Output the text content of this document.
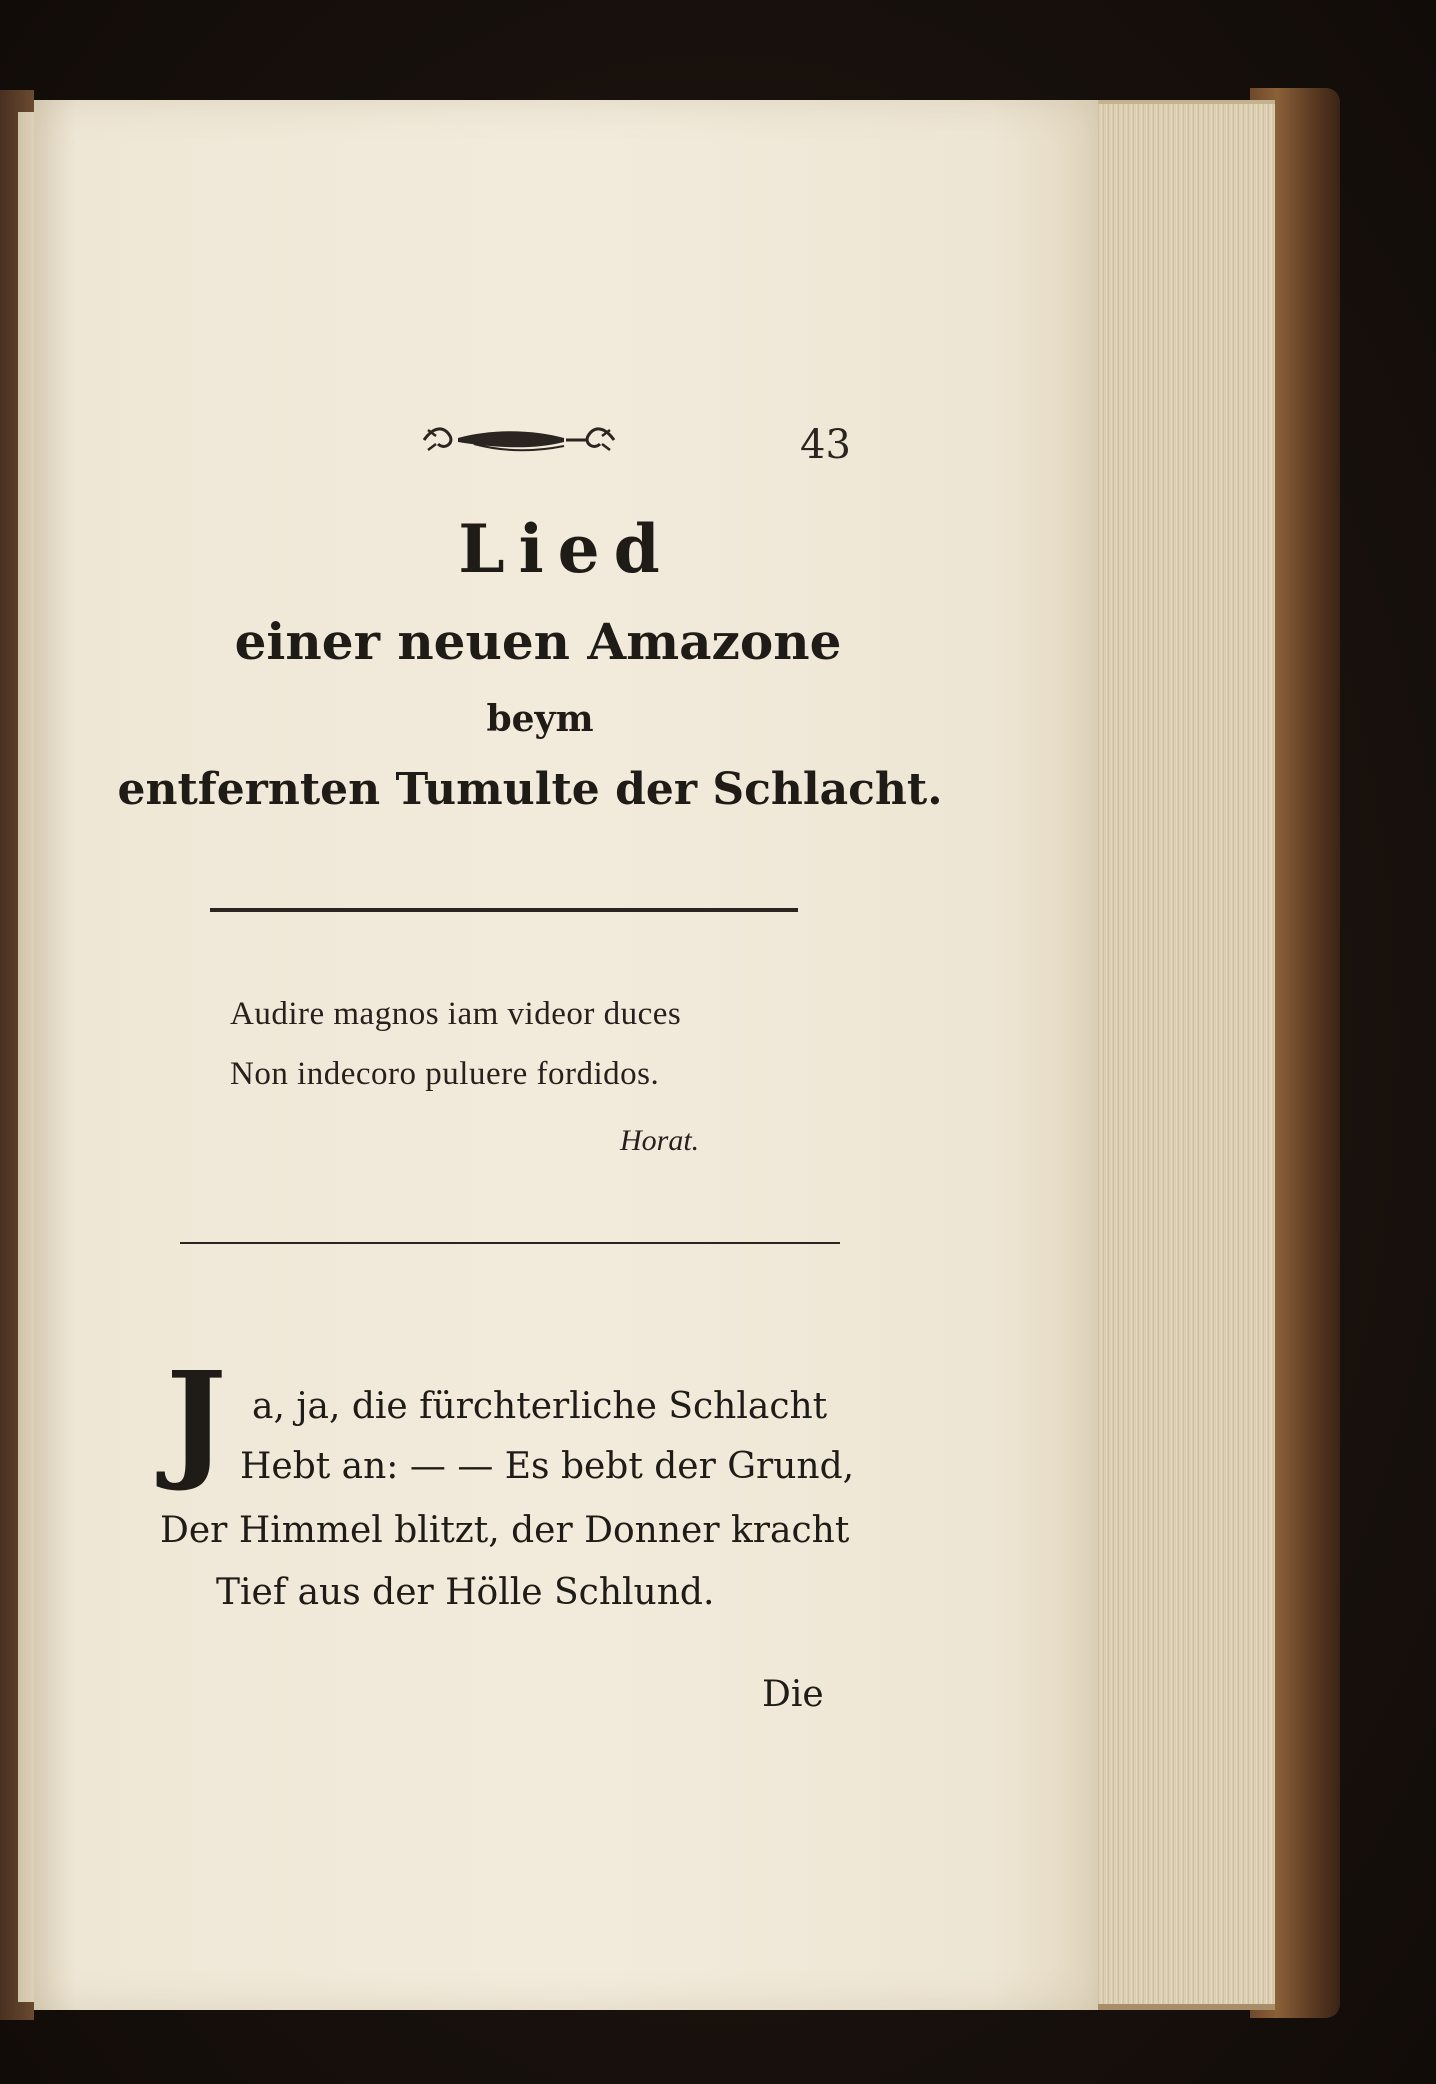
43
Lied
einer neuen Amazone
beym
entfernten Tumulte der Schlacht.
Audire magnos iam videor duces
Non indecoro puluere fordidos.
Horat.
J a, ja, die fürchterliche Schlacht
Hebt an: — — Es bebt der Grund,
Der Himmel blitzt, der Donner kracht
Tief aus der Hölle Schlund.
Die
